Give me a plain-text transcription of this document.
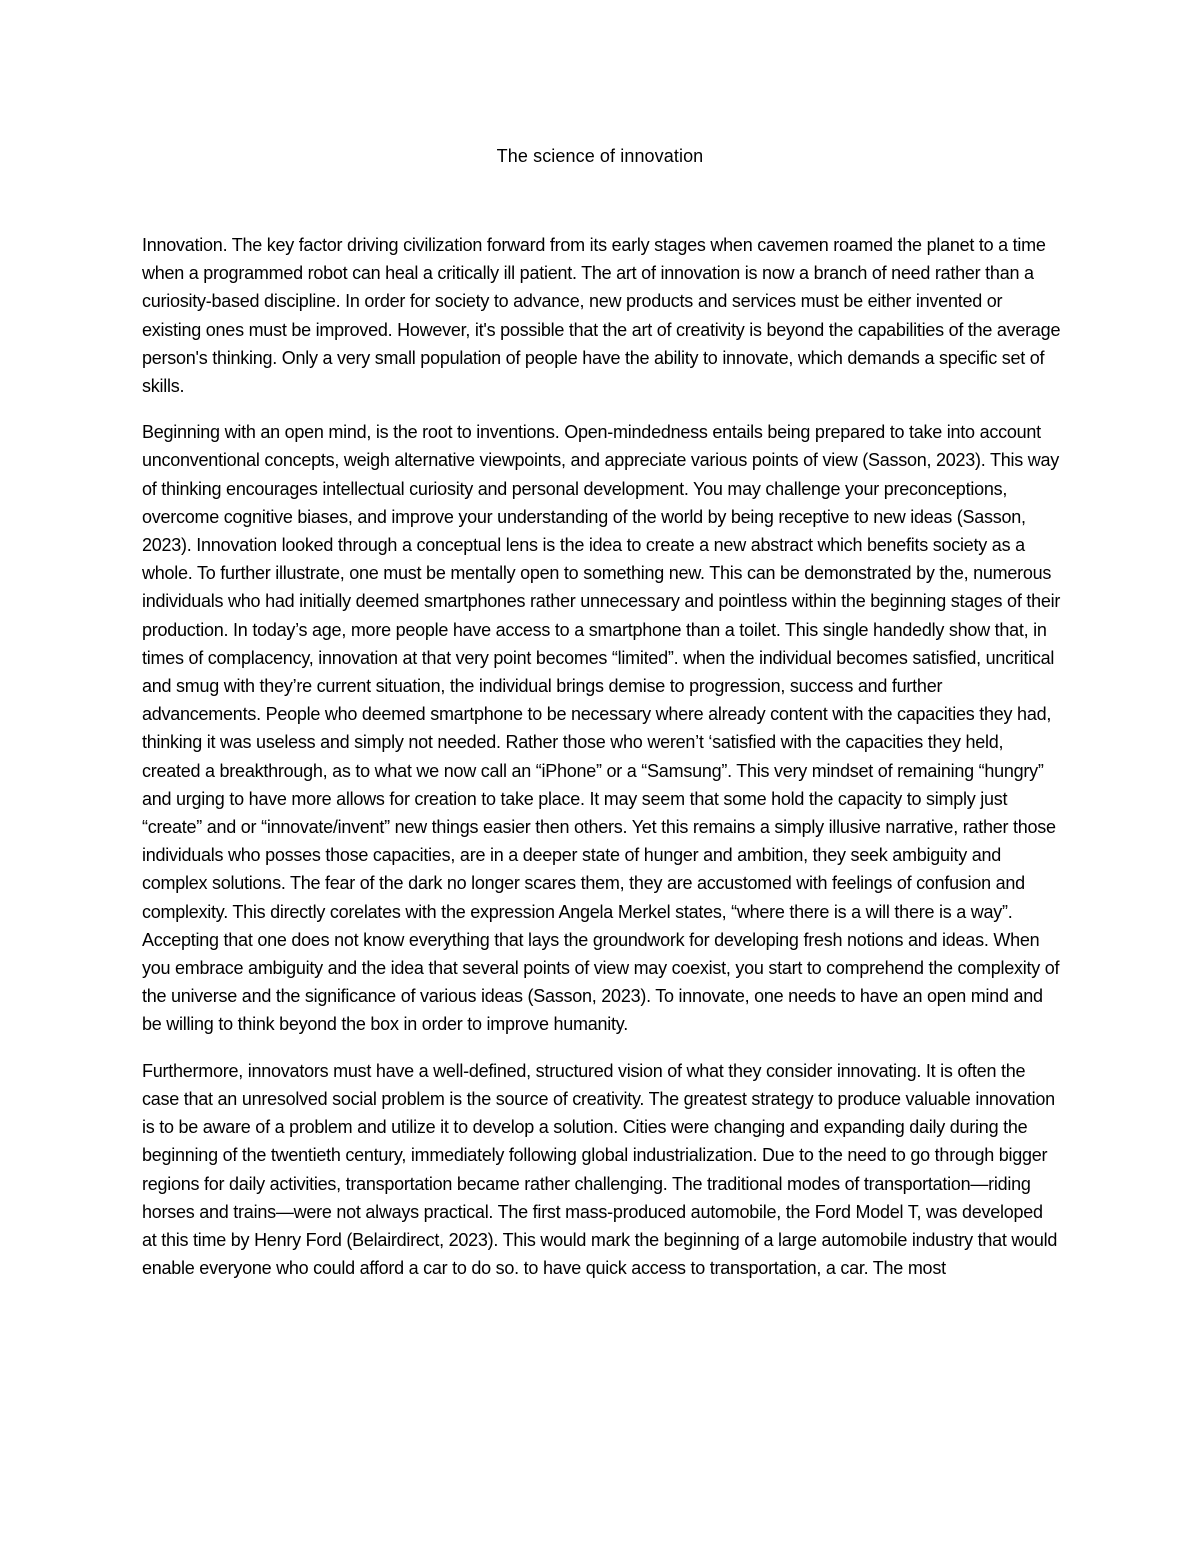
The science of innovation

Innovation. The key factor driving civilization forward from its early stages when cavemen roamed the planet to a time when a programmed robot can heal a critically ill patient. The art of innovation is now a branch of need rather than a curiosity-based discipline. In order for society to advance, new products and services must be either invented or existing ones must be improved. However, it's possible that the art of creativity is beyond the capabilities of the average person's thinking. Only a very small population of people have the ability to innovate, which demands a specific set of skills.

Beginning with an open mind, is the root to inventions. Open-mindedness entails being prepared to take into account unconventional concepts, weigh alternative viewpoints, and appreciate various points of view (Sasson, 2023). This way of thinking encourages intellectual curiosity and personal development. You may challenge your preconceptions, overcome cognitive biases, and improve your understanding of the world by being receptive to new ideas (Sasson, 2023). Innovation looked through a conceptual lens is the idea to create a new abstract which benefits society as a whole. To further illustrate, one must be mentally open to something new. This can be demonstrated by the, numerous individuals who had initially deemed smartphones rather unnecessary and pointless within the beginning stages of their production. In today’s age, more people have access to a smartphone than a toilet. This single handedly show that, in times of complacency, innovation at that very point becomes “limited”. when the individual becomes satisfied, uncritical and smug with they’re current situation, the individual brings demise to progression, success and further advancements. People who deemed smartphone to be necessary where already content with the capacities they had, thinking it was useless and simply not needed. Rather those who weren’t ‘satisfied with the capacities they held, created a breakthrough, as to what we now call an “iPhone” or a “Samsung”. This very mindset of remaining “hungry” and urging to have more allows for creation to take place. It may seem that some hold the capacity to simply just “create” and or “innovate/invent” new things easier then others. Yet this remains a simply illusive narrative, rather those individuals who posses those capacities, are in a deeper state of hunger and ambition, they seek ambiguity and complex solutions. The fear of the dark no longer scares them, they are accustomed with feelings of confusion and complexity. This directly corelates with the expression Angela Merkel states, “where there is a will there is a way”. Accepting that one does not know everything that lays the groundwork for developing fresh notions and ideas. When you embrace ambiguity and the idea that several points of view may coexist, you start to comprehend the complexity of the universe and the significance of various ideas (Sasson, 2023). To innovate, one needs to have an open mind and be willing to think beyond the box in order to improve humanity.

Furthermore, innovators must have a well-defined, structured vision of what they consider innovating. It is often the case that an unresolved social problem is the source of creativity. The greatest strategy to produce valuable innovation is to be aware of a problem and utilize it to develop a solution. Cities were changing and expanding daily during the beginning of the twentieth century, immediately following global industrialization. Due to the need to go through bigger regions for daily activities, transportation became rather challenging. The traditional modes of transportation—riding horses and trains—were not always practical. The first mass-produced automobile, the Ford Model T, was developed at this time by Henry Ford (Belairdirect, 2023). This would mark the beginning of a large automobile industry that would enable everyone who could afford a car to do so. to have quick access to transportation, a car. The most
